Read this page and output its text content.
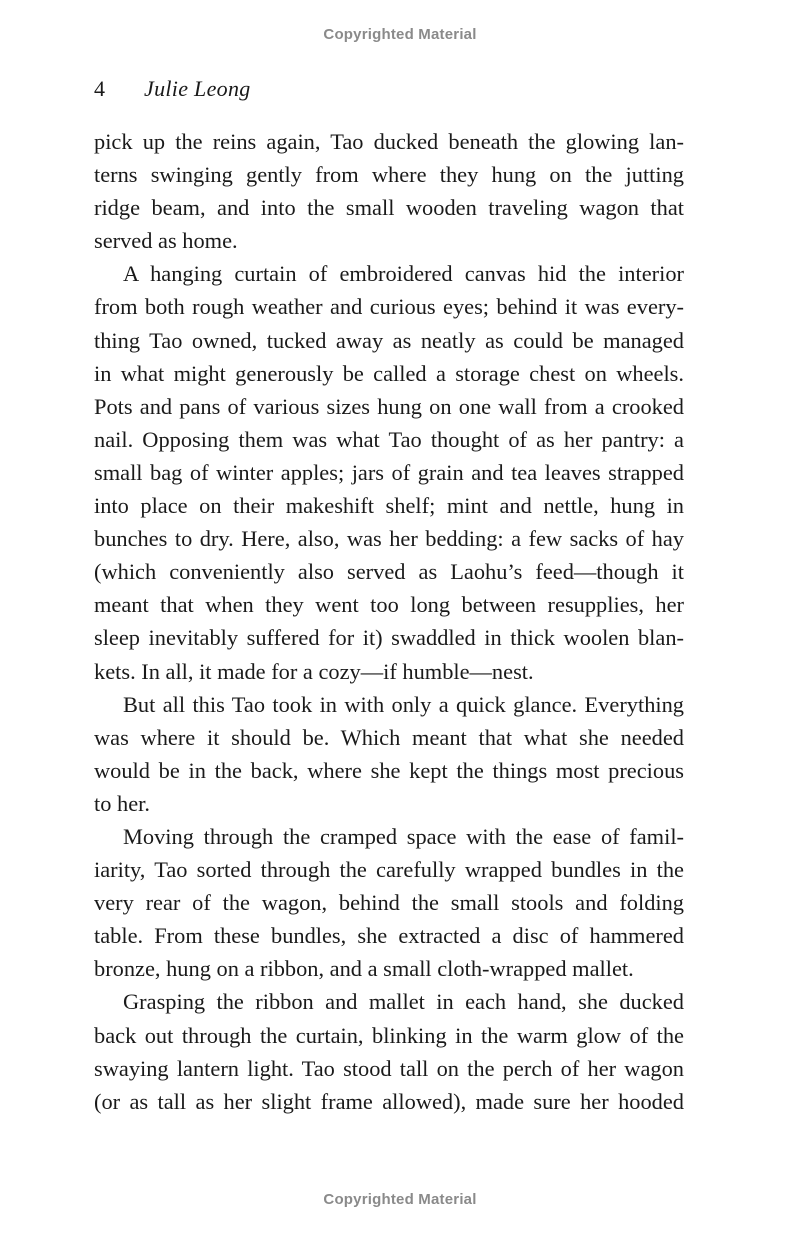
Copyrighted Material
4 Julie Leong
pick up the reins again, Tao ducked beneath the glowing lan-
terns swinging gently from where they hung on the jutting
ridge beam, and into the small wooden traveling wagon that
served as home.
A hanging curtain of embroidered canvas hid the interior
from both rough weather and curious eyes; behind it was every-
thing Tao owned, tucked away as neatly as could be managed
in what might generously be called a storage chest on wheels.
Pots and pans of various sizes hung on one wall from a crooked
nail. Opposing them was what Tao thought of as her pantry: a
small bag of winter apples; jars of grain and tea leaves strapped
into place on their makeshift shelf; mint and nettle, hung in
bunches to dry. Here, also, was her bedding: a few sacks of hay
(which conveniently also served as Laohu’s feed—though it
meant that when they went too long between resupplies, her
sleep inevitably suffered for it) swaddled in thick woolen blan-
kets. In all, it made for a cozy—if humble—nest.
But all this Tao took in with only a quick glance. Everything
was where it should be. Which meant that what she needed
would be in the back, where she kept the things most precious
to her.
Moving through the cramped space with the ease of famil-
iarity, Tao sorted through the carefully wrapped bundles in the
very rear of the wagon, behind the small stools and folding
table. From these bundles, she extracted a disc of hammered
bronze, hung on a ribbon, and a small cloth-wrapped mallet.
Grasping the ribbon and mallet in each hand, she ducked
back out through the curtain, blinking in the warm glow of the
swaying lantern light. Tao stood tall on the perch of her wagon
(or as tall as her slight frame allowed), made sure her hooded
Copyrighted Material
